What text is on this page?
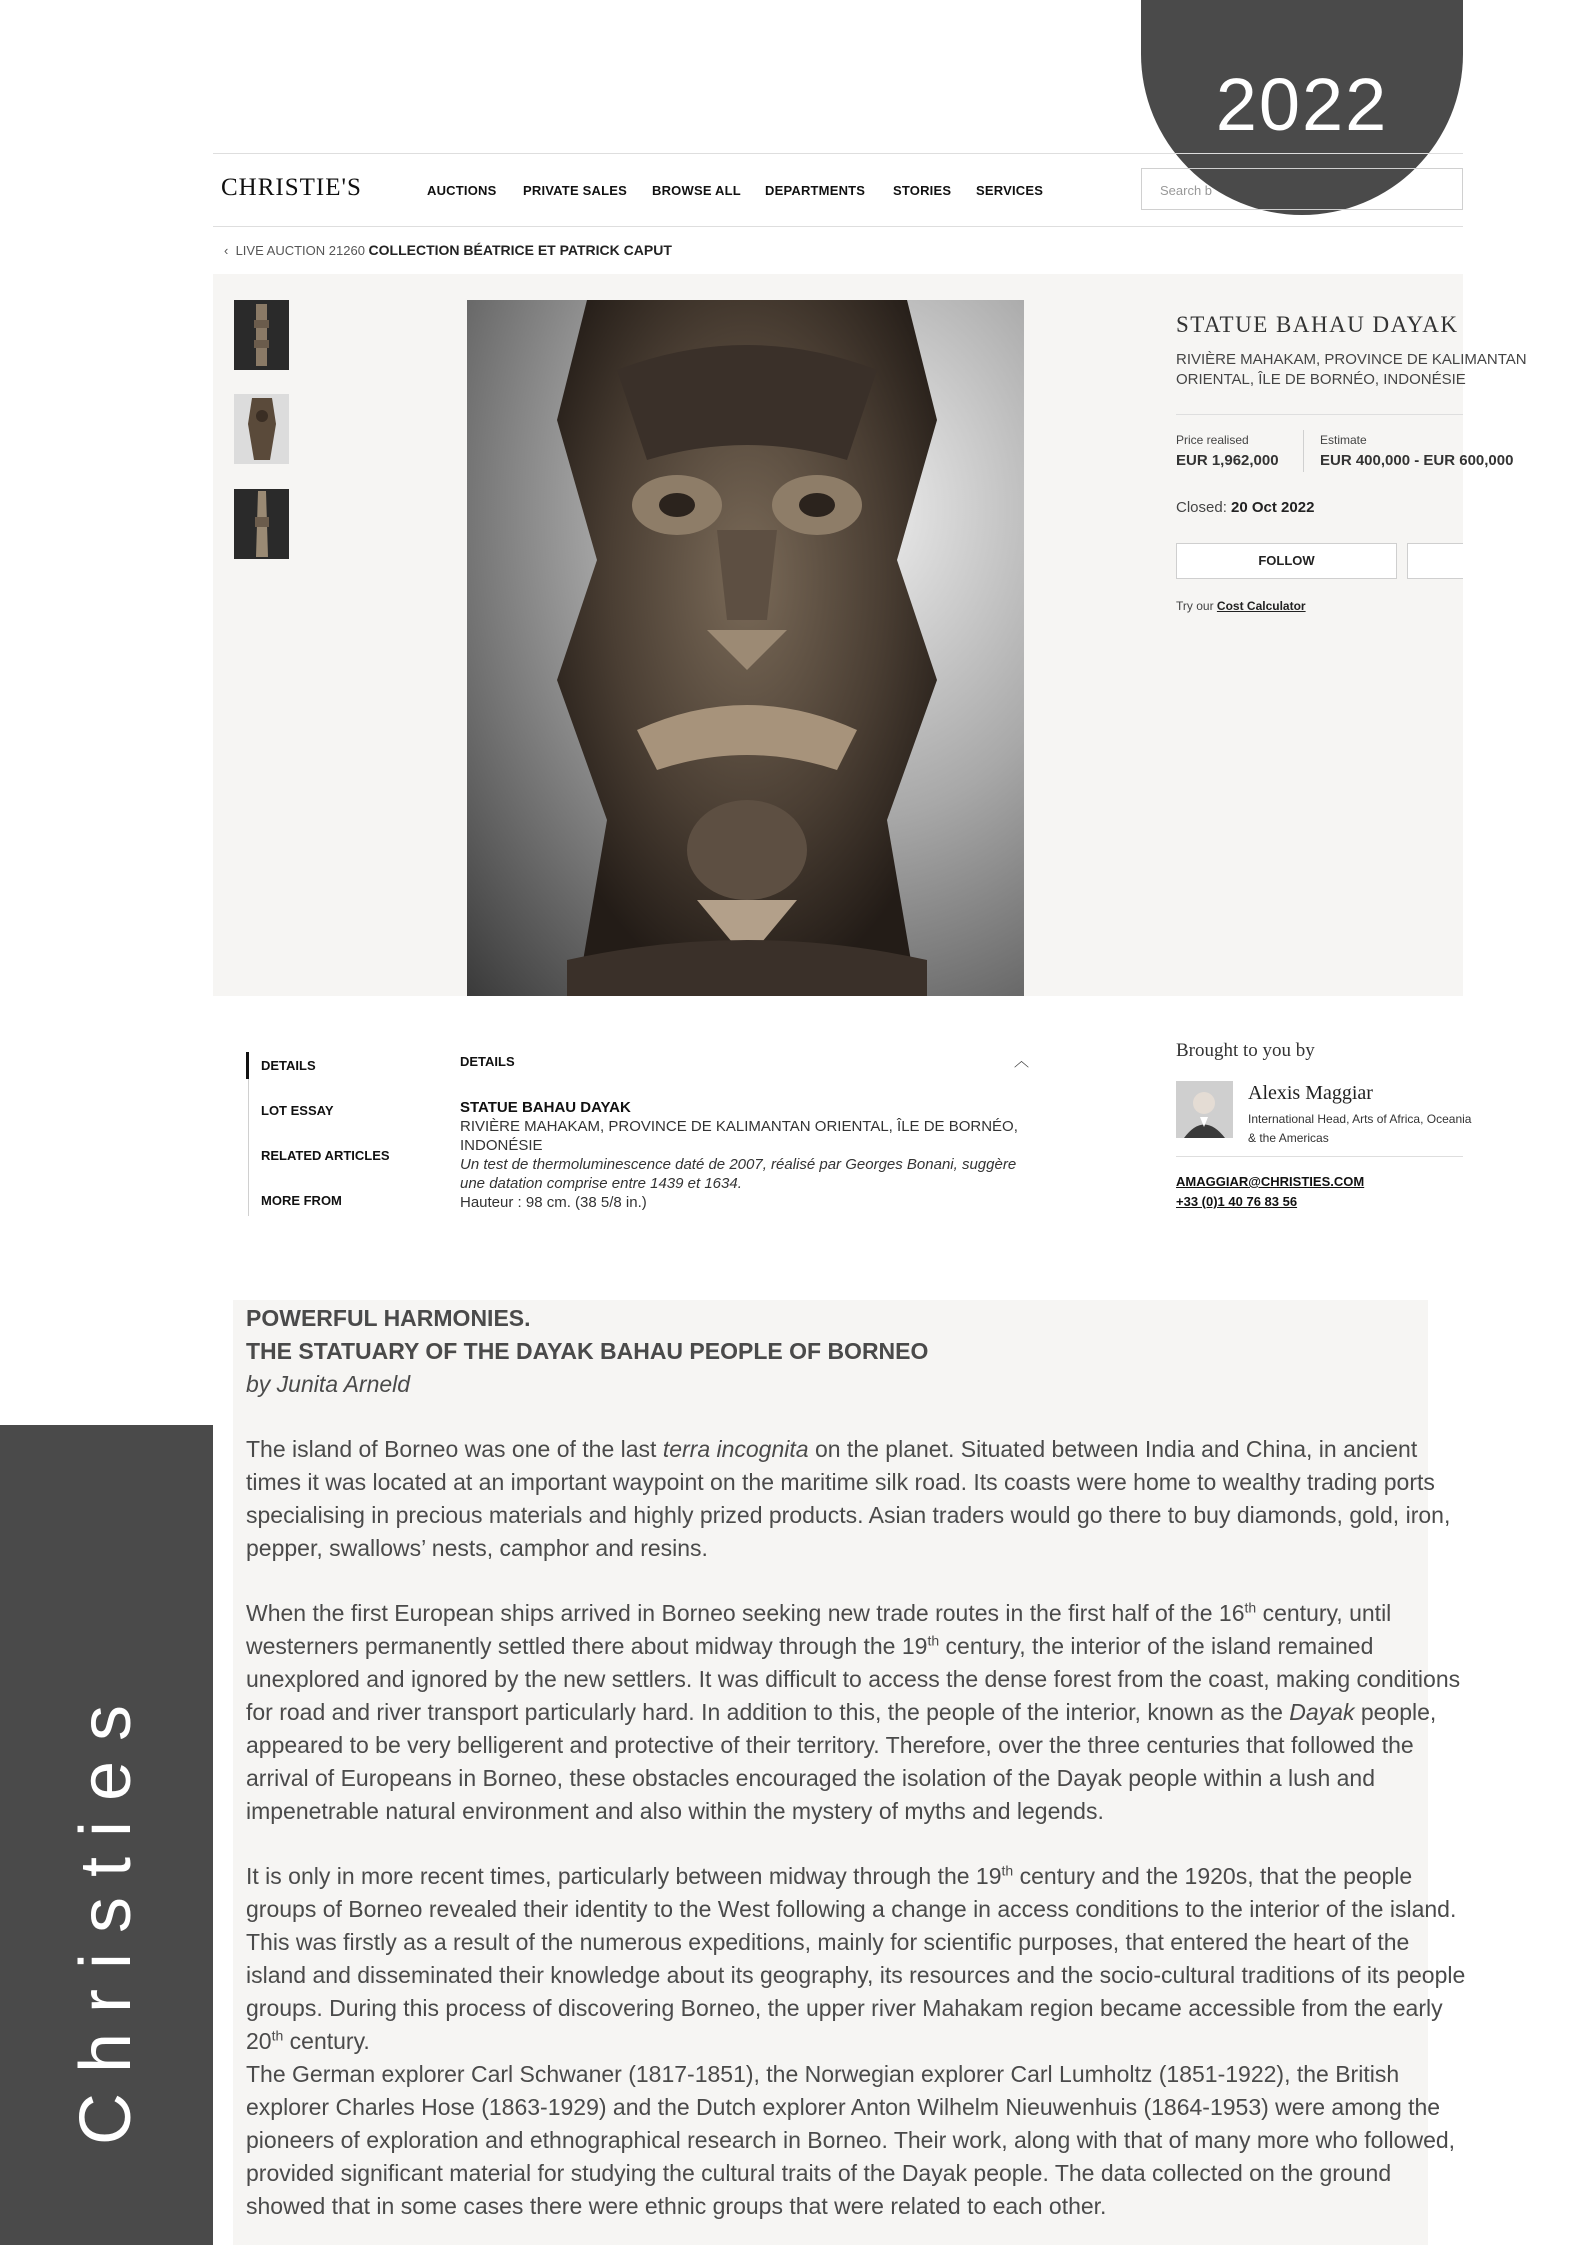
2022
CHRISTIE'S	AUCTIONS PRIVATE SALES BROWSE ALL DEPARTMENTS STORIES SERVICES	Search b
‹ LIVE AUCTION 21260 COLLECTION BÉATRICE ET PATRICK CAPUT
STATUE BAHAU DAYAK
RIVIÈRE MAHAKAM, PROVINCE DE KALIMANTAN
ORIENTAL, ÎLE DE BORNÉO, INDONÉSIE
Price realised
EUR 1,962,000
Estimate
EUR 400,000 - EUR 600,000
Closed: 20 Oct 2022
FOLLOW
Try our Cost Calculator
DETAILS
LOT ESSAY
RELATED ARTICLES
MORE FROM
DETAILS	︿
STATUE BAHAU DAYAK
RIVIÈRE MAHAKAM, PROVINCE DE KALIMANTAN ORIENTAL, ÎLE DE BORNÉO, INDONÉSIE
Un test de thermoluminescence daté de 2007, réalisé par Georges Bonani, suggère une datation comprise entre 1439 et 1634.
Hauteur : 98 cm. (38 5/8 in.)
Brought to you by
Alexis Maggiar
International Head, Arts of Africa, Oceania
& the Americas
AMAGGIAR@CHRISTIES.COM
+33 (0)1 40 76 83 56

POWERFUL HARMONIES.

THE STATUARY OF THE DAYAK BAHAU PEOPLE OF BORNEO

by Junita Arneld

The island of Borneo was one of the last terra incognita on the planet. Situated between India and China, in ancient times it was located at an important waypoint on the maritime silk road. Its coasts were home to wealthy trading ports specialising in precious materials and highly prized products. Asian traders would go there to buy diamonds, gold, iron, pepper, swallows’ nests, camphor and resins.

When the first European ships arrived in Borneo seeking new trade routes in the first half of the 16th century, until westerners permanently settled there about midway through the 19th century, the interior of the island remained unexplored and ignored by the new settlers. It was difficult to access the dense forest from the coast, making conditions for road and river transport particularly hard. In addition to this, the people of the interior, known as the Dayak people, appeared to be very belligerent and protective of their territory. Therefore, over the three centuries that followed the arrival of Europeans in Borneo, these obstacles encouraged the isolation of the Dayak people within a lush and impenetrable natural environment and also within the mystery of myths and legends.

It is only in more recent times, particularly between midway through the 19th century and the 1920s, that the people groups of Borneo revealed their identity to the West following a change in access conditions to the interior of the island. This was firstly as a result of the numerous expeditions, mainly for scientific purposes, that entered the heart of the island and disseminated their knowledge about its geography, its resources and the socio-cultural traditions of its people groups. During this process of discovering Borneo, the upper river Mahakam region became accessible from the early 20th century.

The German explorer Carl Schwaner (1817-1851), the Norwegian explorer Carl Lumholtz (1851-1922), the British explorer Charles Hose (1863-1929) and the Dutch explorer Anton Wilhelm Nieuwenhuis (1864-1953) were among the pioneers of exploration and ethnographical research in Borneo. Their work, along with that of many more who followed, provided significant material for studying the cultural traits of the Dayak people. The data collected on the ground showed that in some cases there were ethnic groups that were related to each other.

Christies
